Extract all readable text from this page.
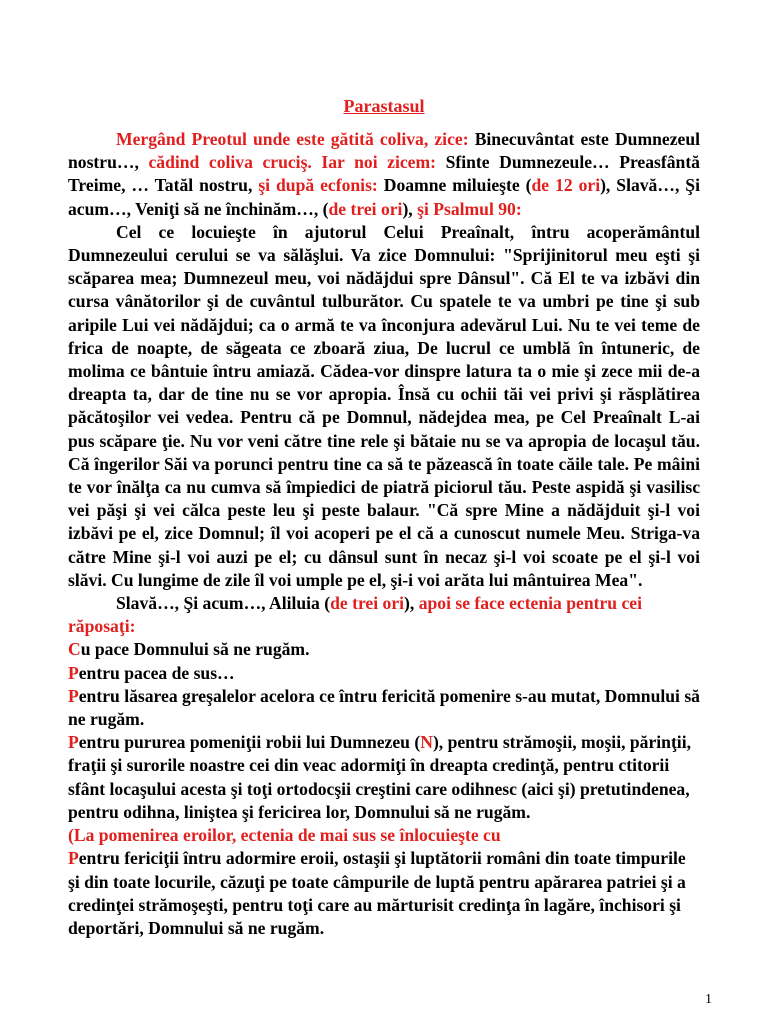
Parastasul

Mergând Preotul unde este gătită coliva, zice: Binecuvântat este Dumnezeul nostru…, cădind coliva cruciş. Iar noi zicem: Sfinte Dumnezeule… Preasfântă Treime, … Tatăl nostru, şi după ecfonis: Doamne miluieşte (de 12 ori), Slavă…, Şi acum…, Veniţi să ne închinăm…, (de trei ori), şi Psalmul 90:

Cel ce locuieşte în ajutorul Celui Preaînalt, întru acoperământul Dumnezeului cerului se va sălăşlui. Va zice Domnului: "Sprijinitorul meu eşti şi scăparea mea; Dumnezeul meu, voi nădăjdui spre Dânsul". Că El te va izbăvi din cursa vânătorilor şi de cuvântul tulburător. Cu spatele te va umbri pe tine şi sub aripile Lui vei nădăjdui; ca o armă te va înconjura adevărul Lui. Nu te vei teme de frica de noapte, de săgeata ce zboară ziua, De lucrul ce umblă în întuneric, de molima ce bântuie întru amiază. Cădea-vor dinspre latura ta o mie şi zece mii de-a dreapta ta, dar de tine nu se vor apropia. Însă cu ochii tăi vei privi şi răsplătirea păcătoşilor vei vedea. Pentru că pe Domnul, nădejdea mea, pe Cel Preaînalt L-ai pus scăpare ţie. Nu vor veni către tine rele şi bătaie nu se va apropia de locaşul tău. Că îngerilor Săi va porunci pentru tine ca să te păzească în toate căile tale. Pe mâini te vor înălţa ca nu cumva să împiedici de piatră piciorul tău. Peste aspidă şi vasilisc vei păşi şi vei călca peste leu şi peste balaur. "Că spre Mine a nădăjduit şi-l voi izbăvi pe el, zice Domnul; îl voi acoperi pe el că a cunoscut numele Meu. Striga-va către Mine şi-l voi auzi pe el; cu dânsul sunt în necaz şi-l voi scoate pe el şi-l voi slăvi. Cu lungime de zile îl voi umple pe el, şi-i voi arăta lui mântuirea Mea".

Slavă…, Şi acum…, Aliluia (de trei ori), apoi se face ectenia pentru cei răposaţi:

Cu pace Domnului să ne rugăm.

Pentru pacea de sus…

Pentru lăsarea greşalelor acelora ce întru fericită pomenire s-au mutat, Domnului să ne rugăm.

Pentru pururea pomeniţii robii lui Dumnezeu (N), pentru strămoşii, moşii, părinţii, fraţii şi surorile noastre cei din veac adormiţi în dreapta credinţă, pentru ctitorii sfânt locaşului acesta şi toţi ortodocşii creştini care odihnesc (aici şi) pretutindenea, pentru odihna, liniştea şi fericirea lor, Domnului să ne rugăm.

(La pomenirea eroilor, ectenia de mai sus se înlocuieşte cu

Pentru fericiţii întru adormire eroii, ostaşii şi luptătorii români din toate timpurile şi din toate locurile, căzuţi pe toate câmpurile de luptă pentru apărarea patriei şi a credinţei strămoşeşti, pentru toţi care au mărturisit credinţa în lagăre, închisori şi deportări, Domnului să ne rugăm.

1
